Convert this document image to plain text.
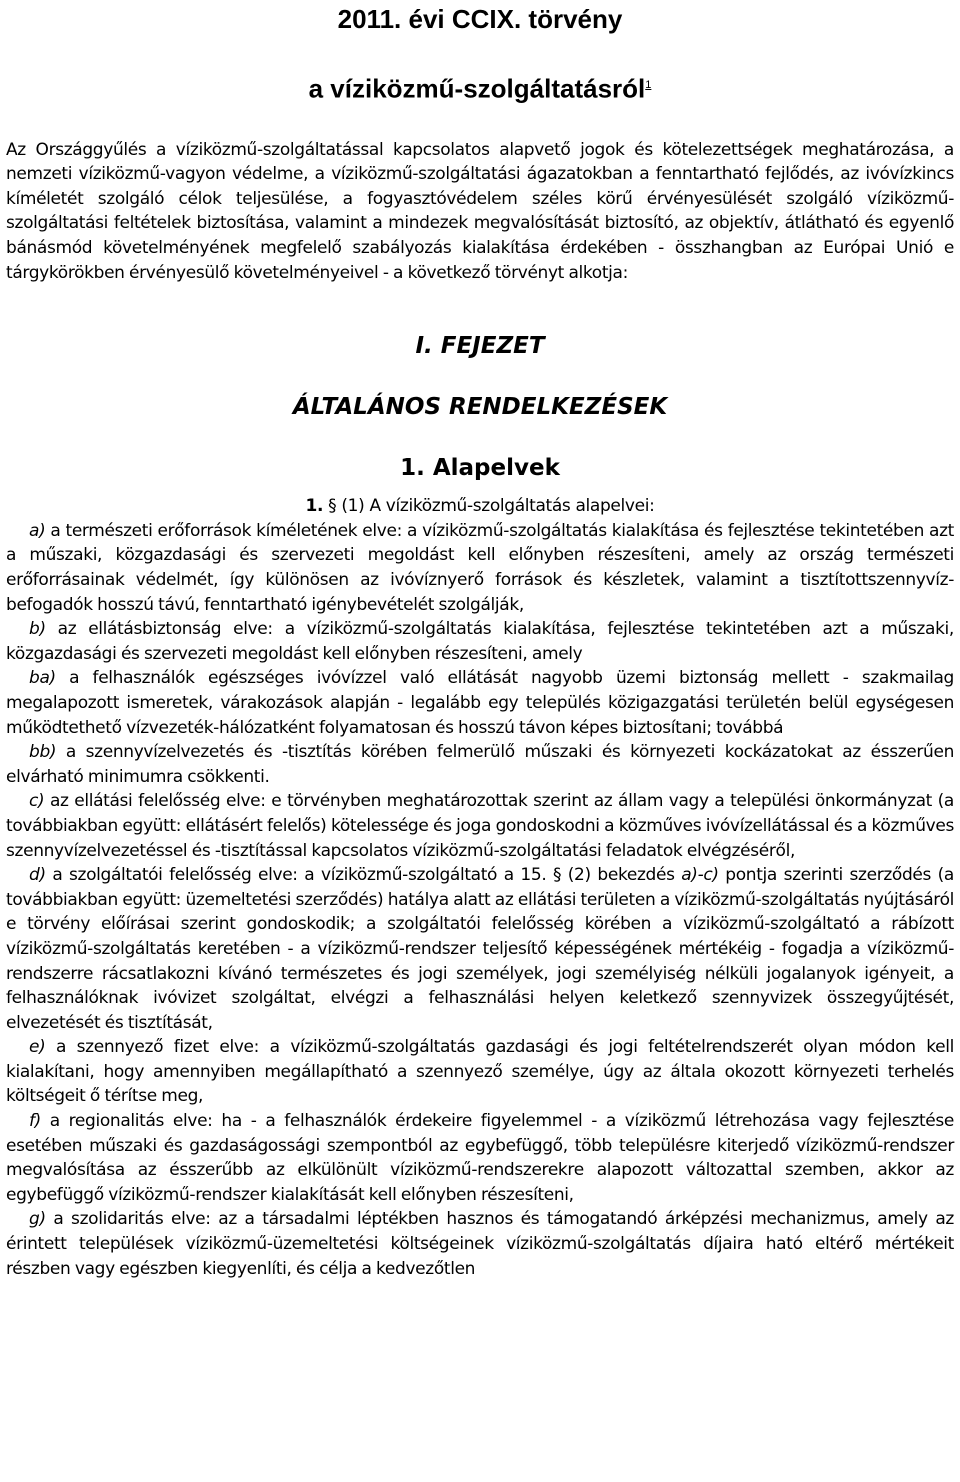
2011. évi CCIX. törvény
a víziközmű-szolgáltatásról$^1$

Az Országgyűlés a víziközmű-szolgáltatással kapcsolatos alapvető jogok és kötelezettségek meghatározása, a nemzeti víziközmű-vagyon védelme, a víziközmű-szolgáltatási ágazatokban a fenntartható fejlődés, az ivóvízkincs kíméletét szolgáló célok teljesülése, a fogyasztóvédelem széles körű érvényesülését szolgáló víziközmű-szolgáltatási feltételek biztosítása, valamint a mindezek megvalósítását biztosító, az objektív, átlátható és egyenlő bánásmód követelményének megfelelő szabályozás kialakítása érdekében - összhangban az Európai Unió e tárgykörökben érvényesülő követelményeivel - a következő törvényt alkotja:

I. FEJEZET
ÁLTALÁNOS RENDELKEZÉSEK
1. Alapelvek
1. § (1) A víziközmű-szolgáltatás alapelvei:

a) a természeti erőforrások kíméletének elve: a víziközmű-szolgáltatás kialakítása és fejlesztése tekintetében azt a műszaki, közgazdasági és szervezeti megoldást kell előnyben részesíteni, amely az ország természeti erőforrásainak védelmét, így különösen az ivóvíznyerő források és készletek, valamint a tisztítottszennyvíz-befogadók hosszú távú, fenntartható igénybevételét szolgálják,

b) az ellátásbiztonság elve: a víziközmű-szolgáltatás kialakítása, fejlesztése tekintetében azt a műszaki, közgazdasági és szervezeti megoldást kell előnyben részesíteni, amely

ba) a felhasználók egészséges ivóvízzel való ellátását nagyobb üzemi biztonság mellett - szakmailag megalapozott ismeretek, várakozások alapján - legalább egy település közigazgatási területén belül egységesen működtethető vízvezeték-hálózatként folyamatosan és hosszú távon képes biztosítani; továbbá

bb) a szennyvízelvezetés és -tisztítás körében felmerülő műszaki és környezeti kockázatokat az ésszerűen elvárható minimumra csökkenti.

c) az ellátási felelősség elve: e törvényben meghatározottak szerint az állam vagy a települési önkormányzat (a továbbiakban együtt: ellátásért felelős) kötelessége és joga gondoskodni a közműves ivóvízellátással és a közműves szennyvízelvezetéssel és -tisztítással kapcsolatos víziközmű-szolgáltatási feladatok elvégzéséről,

d) a szolgáltatói felelősség elve: a víziközmű-szolgáltató a 15. § (2) bekezdés a)-c) pontja szerinti szerződés (a továbbiakban együtt: üzemeltetési szerződés) hatálya alatt az ellátási területen a víziközmű-szolgáltatás nyújtásáról e törvény előírásai szerint gondoskodik; a szolgáltatói felelősség körében a víziközmű-szolgáltató a rábízott víziközmű-szolgáltatás keretében - a víziközmű-rendszer teljesítő képességének mértékéig - fogadja a víziközmű-rendszerre rácsatlakozni kívánó természetes és jogi személyek, jogi személyiség nélküli jogalanyok igényeit, a felhasználóknak ivóvizet szolgáltat, elvégzi a felhasználási helyen keletkező szennyvizek összegyűjtését, elvezetését és tisztítását,

e) a szennyező fizet elve: a víziközmű-szolgáltatás gazdasági és jogi feltételrendszerét olyan módon kell kialakítani, hogy amennyiben megállapítható a szennyező személye, úgy az általa okozott környezeti terhelés költségeit ő térítse meg,

f) a regionalitás elve: ha - a felhasználók érdekeire figyelemmel - a víziközmű létrehozása vagy fejlesztése esetében műszaki és gazdaságossági szempontból az egybefüggő, több településre kiterjedő víziközmű-rendszer megvalósítása az ésszerűbb az elkülönült víziközmű-rendszerekre alapozott változattal szemben, akkor az egybefüggő víziközmű-rendszer kialakítását kell előnyben részesíteni,

g) a szolidaritás elve: az a társadalmi léptékben hasznos és támogatandó árképzési mechanizmus, amely az érintett települések víziközmű-üzemeltetési költségeinek víziközmű-szolgáltatás díjaira ható eltérő mértékeit részben vagy egészben kiegyenlíti, és célja a kedvezőtlen
